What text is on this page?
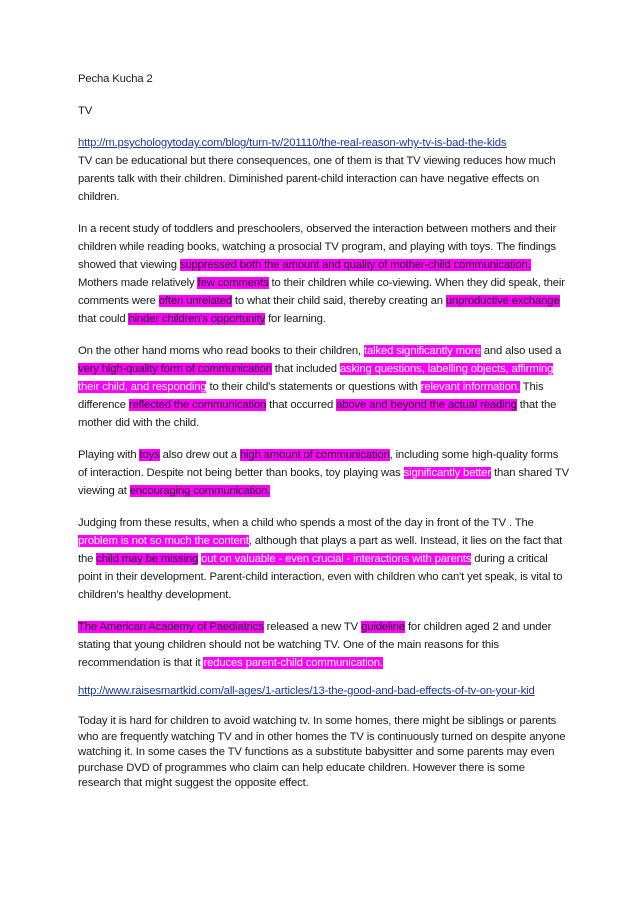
Pecha Kucha 2

TV

http://m.psychologytoday.com/blog/turn-tv/201110/the-real-reason-why-tv-is-bad-the-kids

TV can be educational but there consequences, one of them is that TV viewing reduces how much parents talk with their children. Diminished parent-child interaction can have negative effects on children.

In a recent study of toddlers and preschoolers, observed the interaction between mothers and their children while reading books, watching a prosocial TV program, and playing with toys. The findings showed that viewing suppressed both the amount and quality of mother-child communication. Mothers made relatively few comments to their children while co-viewing. When they did speak, their comments were often unrelated to what their child said, thereby creating an unproductive exchange that could hinder children's opportunity for learning.

On the other hand moms who read books to their children, talked significantly more and also used a very high-quality form of communication that included asking questions, labelling objects, affirming their child, and responding to their child's statements or questions with relevant information. This difference reflected the communication that occurred above and beyond the actual reading that the mother did with the child.

Playing with toys also drew out a high amount of communication, including some high-quality forms of interaction. Despite not being better than books, toy playing was significantly better than shared TV viewing at encouraging communication.

Judging from these results, when a child who spends a most of the day in front of the TV . The problem is not so much the content, although that plays a part as well. Instead, it lies on the fact that the child may be missing out on valuable - even crucial - interactions with parents during a critical point in their development. Parent-child interaction, even with children who can't yet speak, is vital to children's healthy development.

The American Academy of Paediatrics released a new TV guideline for children aged 2 and under stating that young children should not be watching TV. One of the main reasons for this recommendation is that it reduces parent-child communication.

http://www.raisesmartkid.com/all-ages/1-articles/13-the-good-and-bad-effects-of-tv-on-your-kid

Today it is hard for children to avoid watching tv. In some homes, there might be siblings or parents who are frequently watching TV and in other homes the TV is continuously turned on despite anyone watching it. In some cases the TV functions as a substitute babysitter and some parents may even purchase DVD of programmes who claim can help educate children. However there is some research that might suggest the opposite effect.
